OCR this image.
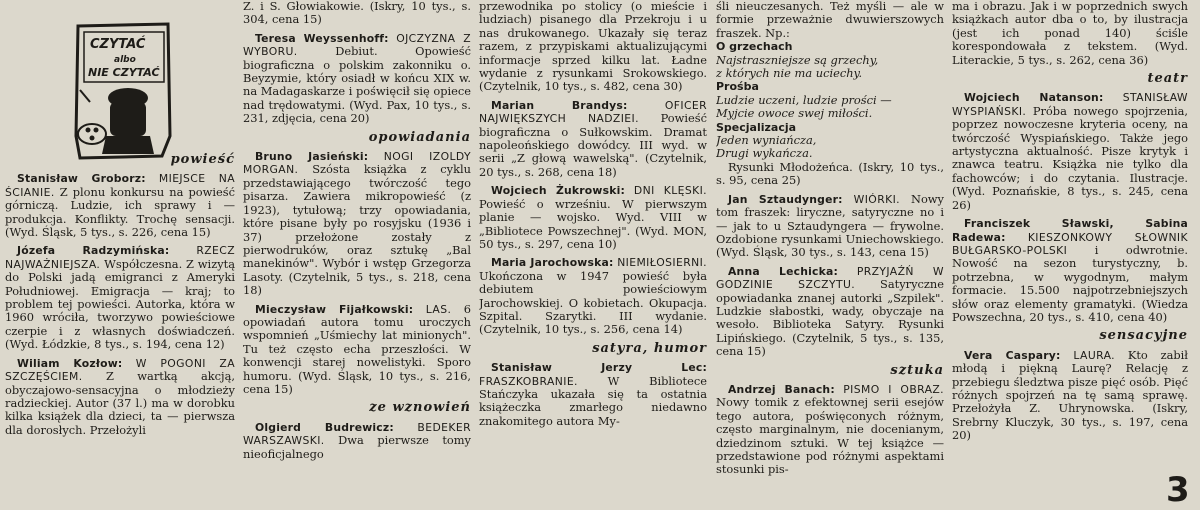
CZYTAĆ
albo
NIE CZYTAĆ

powieść

Stanisław Groborz: MIEJSCE NA ŚCIANIE. Z plonu konkursu na powieść górniczą. Ludzie, ich sprawy i — produkcja. Konflikty. Trochę sensacji. (Wyd. Śląsk, 5 tys., s. 226, cena 15)

Józefa Radzymińska: RZECZ NAJWAŻNIEJSZA. Współczesna. Z wizytą do Polski jadą emigranci z Ameryki Południowej. Emigracja — kraj; to problem tej powieści. Autorka, która w 1960 wróciła, tworzywo powieściowe czerpie i z własnych doświadczeń. (Wyd. Łódzkie, 8 tys., s. 194, cena 12)

Wiliam Kozłow: W POGONI ZA SZCZĘŚCIEM. Z wartką akcją, obyczajowo-sensacyjna o młodzieży radzieckiej. Autor (37 l.) ma w dorobku kilka książek dla dzieci, ta — pierwsza dla dorosłych. Przełożyli

Z. i S. Głowiakowie. (Iskry, 10 tys., s. 304, cena 15)

Teresa Weyssenhoff: OJCZYZNA Z WYBORU.	Debiut. Opowieść biograficzna o polskim zakonniku o. Beyzymie, który osiadł w końcu XIX w. na Madagaskarze i poświęcił się opiece nad trędowatymi. (Wyd. Pax, 10 tys., s. 231, zdjęcia, cena 20)

opowiadania

Bruno Jasieński: NOGI IZOLDY MORGAN. Szósta książka z cyklu przedstawiającego twórczość tego pisarza. Zawiera mikropowieść (z 1923), tytułową; trzy opowiadania, które pisane były po rosyjsku (1936 i 37) przełożone zostały z pierwodruków, oraz sztukę „Bal manekinów". Wybór i wstęp Grzegorza Lasoty. (Czytelnik, 5 tys., s. 218, cena 18)

Mieczysław Fijałkowski: LAS. 6 opowiadań autora tomu uroczych wspomnień „Uśmiechy lat minionych". Tu też często echa przeszłości. W konwencji starej nowelistyki. Sporo humoru. (Wyd. Śląsk, 10 tys., s. 216, cena 15)

ze wznowień

Olgierd Budrewicz: BEDEKER WARSZAWSKI. Dwa pierwsze tomy nieoficjalnego

przewodnika po stolicy (o mieście i ludziach) pisanego dla Przekroju i u nas drukowanego. Ukazały się teraz razem, z przypiskami aktualizującymi informacje sprzed kilku lat. Ładne wydanie z rysunkami Srokowskiego. (Czytelnik, 10 tys., s. 482, cena 30)

Marian Brandys:	OFICER NAJWIĘKSZYCH NADZIEI. Powieść biograficzna o Sułkowskim. Dramat napoleońskiego dowódcy. III wyd. w serii „Z głową wawelską". (Czytelnik, 20 tys., s. 268, cena 18)

Wojciech Żukrowski: DNI KLĘSKI. Powieść o wrześniu. W pierwszym planie — wojsko. Wyd. VIII w „Bibliotece Powszechnej". (Wyd. MON, 50 tys., s. 297, cena 10)

Maria Jarochowska: NIEMIŁOSIERNI. Ukończona w 1947 powieść była debiutem powieściowym Jarochowskiej. O kobietach. Okupacja. Szpital. Szarytki. III wydanie. (Czytelnik, 10 tys., s. 256, cena 14)

satyra, humor

Stanisław Jerzy Lec: FRASZKOBRANIE.	W Bibliotece Stańczyka ukazała się ta ostatnia książeczka zmarłego niedawno znakomitego autora My-

śli nieuczesanych. Też myśli — ale w formie przeważnie dwuwierszowych fraszek. Np.:

O grzechach

Najstraszniejsze są grzechy,

z których nie ma uciechy.

Prośba

Ludzie uczeni, ludzie prości —

Myjcie owoce swej miłości.

Specjalizacja

Jeden wyniańcza,

Drugi wykańcza.

Rysunki Młodożeńca. (Iskry, 10 tys., s. 95, cena 25)

Jan Sztaudynger: WIÓRKI. Nowy tom fraszek: liryczne, satyryczne no i — jak to u Sztaudyngera — frywolne. Ozdobione rysunkami Uniechowskiego. (Wyd. Śląsk, 30 tys., s. 143, cena 15)

Anna Lechicka: PRZYJAŹŃ W GODZINIE SZCZYTU. Satyryczne opowiadanka znanej autorki „Szpilek". Ludzkie słabostki, wady, obyczaje na wesoło. Biblioteka Satyry. Rysunki Lipińskiego. (Czytelnik, 5 tys., s. 135, cena 15)

sztuka

Andrzej Banach: PISMO I OBRAZ. Nowy tomik z efektownej serii esejów tego autora, poświęconych różnym, często marginalnym, nie docenianym, dziedzinom sztuki. W tej książce — przedstawione pod różnymi aspektami stosunki pis-

ma i obrazu. Jak i w poprzednich swych książkach autor dba o to, by ilustracja (jest ich ponad 140) ściśle korespondowała z tekstem. (Wyd. Literackie, 5 tys., s. 262, cena 36)

teatr

Wojciech Natanson: STANISŁAW WYSPIAŃSKI. Próba nowego spojrzenia, poprzez nowoczesne kryteria oceny, na twórczość Wyspiańskiego. Także jego artystyczna aktualność. Pisze krytyk i znawca teatru. Książka nie tylko dla fachowców; i do czytania. Ilustracje. (Wyd. Poznańskie, 8 tys., s. 245, cena 26)

Franciszek Sławski, Sabina Radewa: KIESZONKOWY SŁOWNIK BUŁGARSKO-POLSKI i odwrotnie. Nowość na sezon turystyczny, b. potrzebna, w wygodnym, małym formacie. 15.500 najpotrzebniejszych słów oraz elementy gramatyki. (Wiedza Powszechna, 20 tys., s. 410, cena 40)

sensacyjne

Vera Caspary: LAURA. Kto zabił młodą i piękną Laurę? Relację z przebiegu śledztwa pisze pięć osób. Pięć różnych spojrzeń na tę samą sprawę. Przełożyła Z. Uhrynowska. (Iskry, Srebrny Kluczyk, 30 tys., s. 197, cena 20)

3
